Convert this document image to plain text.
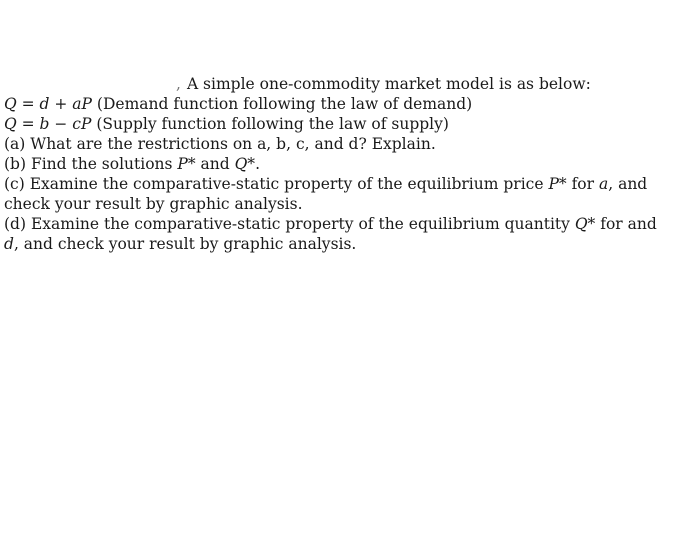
, A simple one-commodity market model is as below:
Q = d + aP (Demand function following the law of demand)
Q = b − cP (Supply function following the law of supply)
(a) What are the restrictions on a, b, c, and d? Explain.
(b) Find the solutions P* and Q*.
(c) Examine the comparative-static property of the equilibrium price P* for a, and
check your result by graphic analysis.
(d) Examine the comparative-static property of the equilibrium quantity Q* for and
d, and check your result by graphic analysis.
